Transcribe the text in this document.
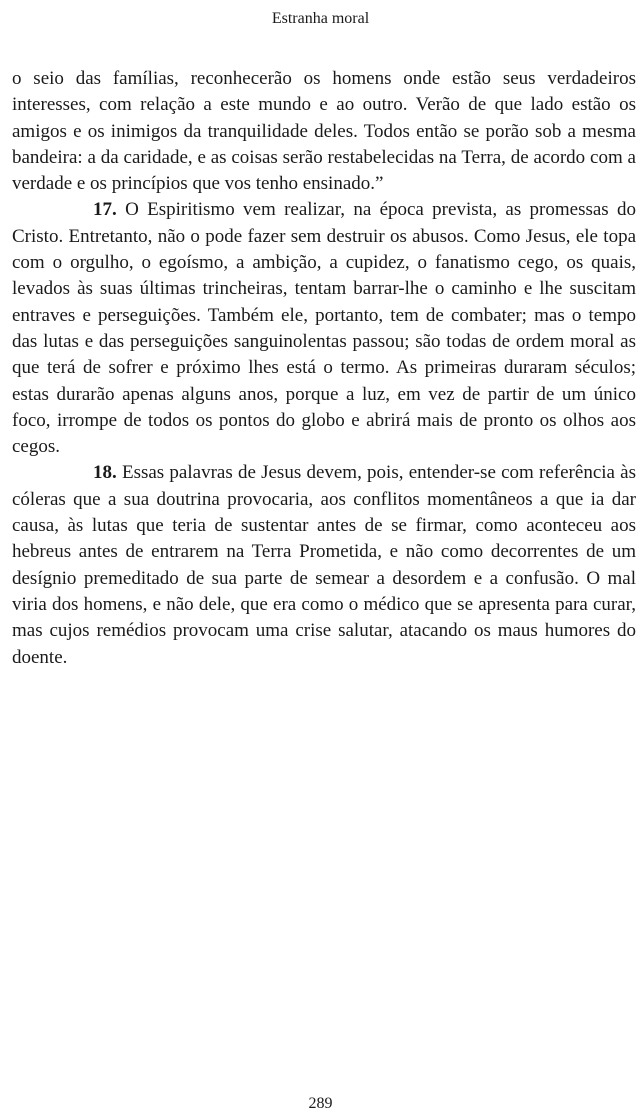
Estranha moral

o seio das famílias, reconhecerão os homens onde estão seus verdadeiros interesses, com relação a este mundo e ao outro. Verão de que lado estão os amigos e os inimigos da tranquilidade deles. Todos então se porão sob a mesma bandeira: a da caridade, e as coisas serão restabelecidas na Terra, de acordo com a verdade e os princípios que vos tenho ensinado.”

17. O Espiritismo vem realizar, na época prevista, as promessas do Cristo. Entretanto, não o pode fazer sem destruir os abusos. Como Jesus, ele topa com o orgulho, o egoísmo, a ambição, a cupidez, o fanatismo cego, os quais, levados às suas últimas trincheiras, tentam barrar-lhe o caminho e lhe suscitam entraves e perseguições. Também ele, portanto, tem de combater; mas o tempo das lutas e das perseguições sanguinolentas passou; são todas de ordem moral as que terá de sofrer e próximo lhes está o termo. As primeiras duraram séculos; estas durarão apenas alguns anos, porque a luz, em vez de partir de um único foco, irrompe de todos os pontos do globo e abrirá mais de pronto os olhos aos cegos.

18. Essas palavras de Jesus devem, pois, entender-se com referência às cóleras que a sua doutrina provocaria, aos conflitos momentâneos a que ia dar causa, às lutas que teria de sustentar antes de se firmar, como aconteceu aos hebreus antes de entrarem na Terra Prometida, e não como decorrentes de um desígnio premeditado de sua parte de semear a desordem e a confusão. O mal viria dos homens, e não dele, que era como o médico que se apresenta para curar, mas cujos remédios provocam uma crise salutar, atacando os maus humores do doente.

289
